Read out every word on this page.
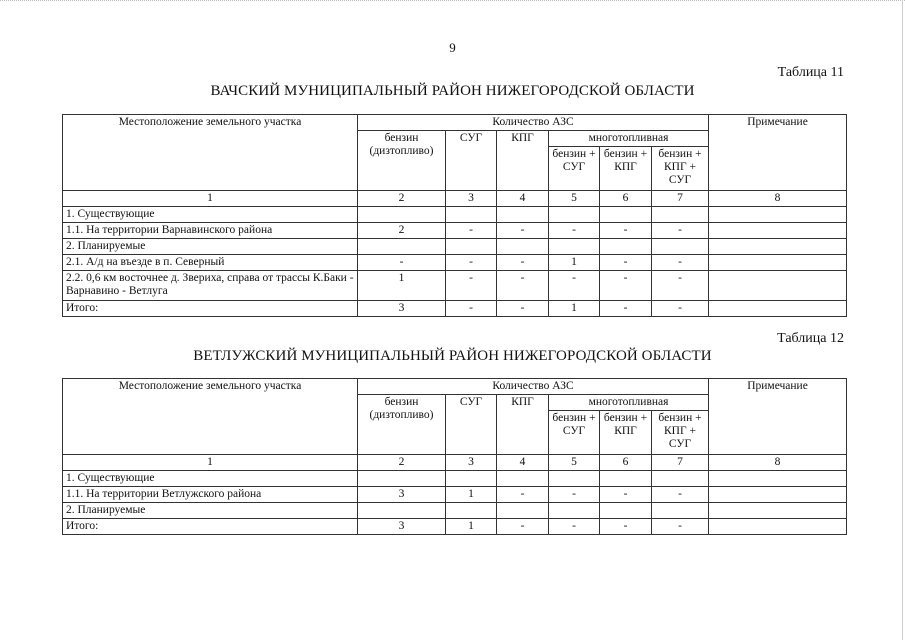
9
Таблица 11
ВАЧСКИЙ МУНИЦИПАЛЬНЫЙ РАЙОН НИЖЕГОРОДСКОЙ ОБЛАСТИ
Местоположение земельного участка	Количество АЗС						Примечание
	бензин (дизтопливо)	СУГ	КПГ	многотопливная			
				бензин + СУГ	бензин + КПГ	бензин + КПГ + СУГ	
1	2	3	4	5	6	7	8
1. Существующие							
1.1. На территории Варнавинского района	2	-	-	-	-	-	
2. Планируемые							
2.1. А/д на въезде в п. Северный	-	-	-	1	-	-	
2.2. 0,6 км восточнее д. Звериха, справа от трассы К.Баки - Варнавино - Ветлуга	1	-	-	-	-	-	
Итого:	3	-	-	1	-	-	
Таблица 12
ВЕТЛУЖСКИЙ МУНИЦИПАЛЬНЫЙ РАЙОН НИЖЕГОРОДСКОЙ ОБЛАСТИ
Местоположение земельного участка	Количество АЗС						Примечание
	бензин (дизтопливо)	СУГ	КПГ	многотопливная			
				бензин + СУГ	бензин + КПГ	бензин + КПГ + СУГ	
1	2	3	4	5	6	7	8
1. Существующие							
1.1. На территории Ветлужского района	3	1	-	-	-	-	
2. Планируемые							
Итого:	3	1	-	-	-	-	
